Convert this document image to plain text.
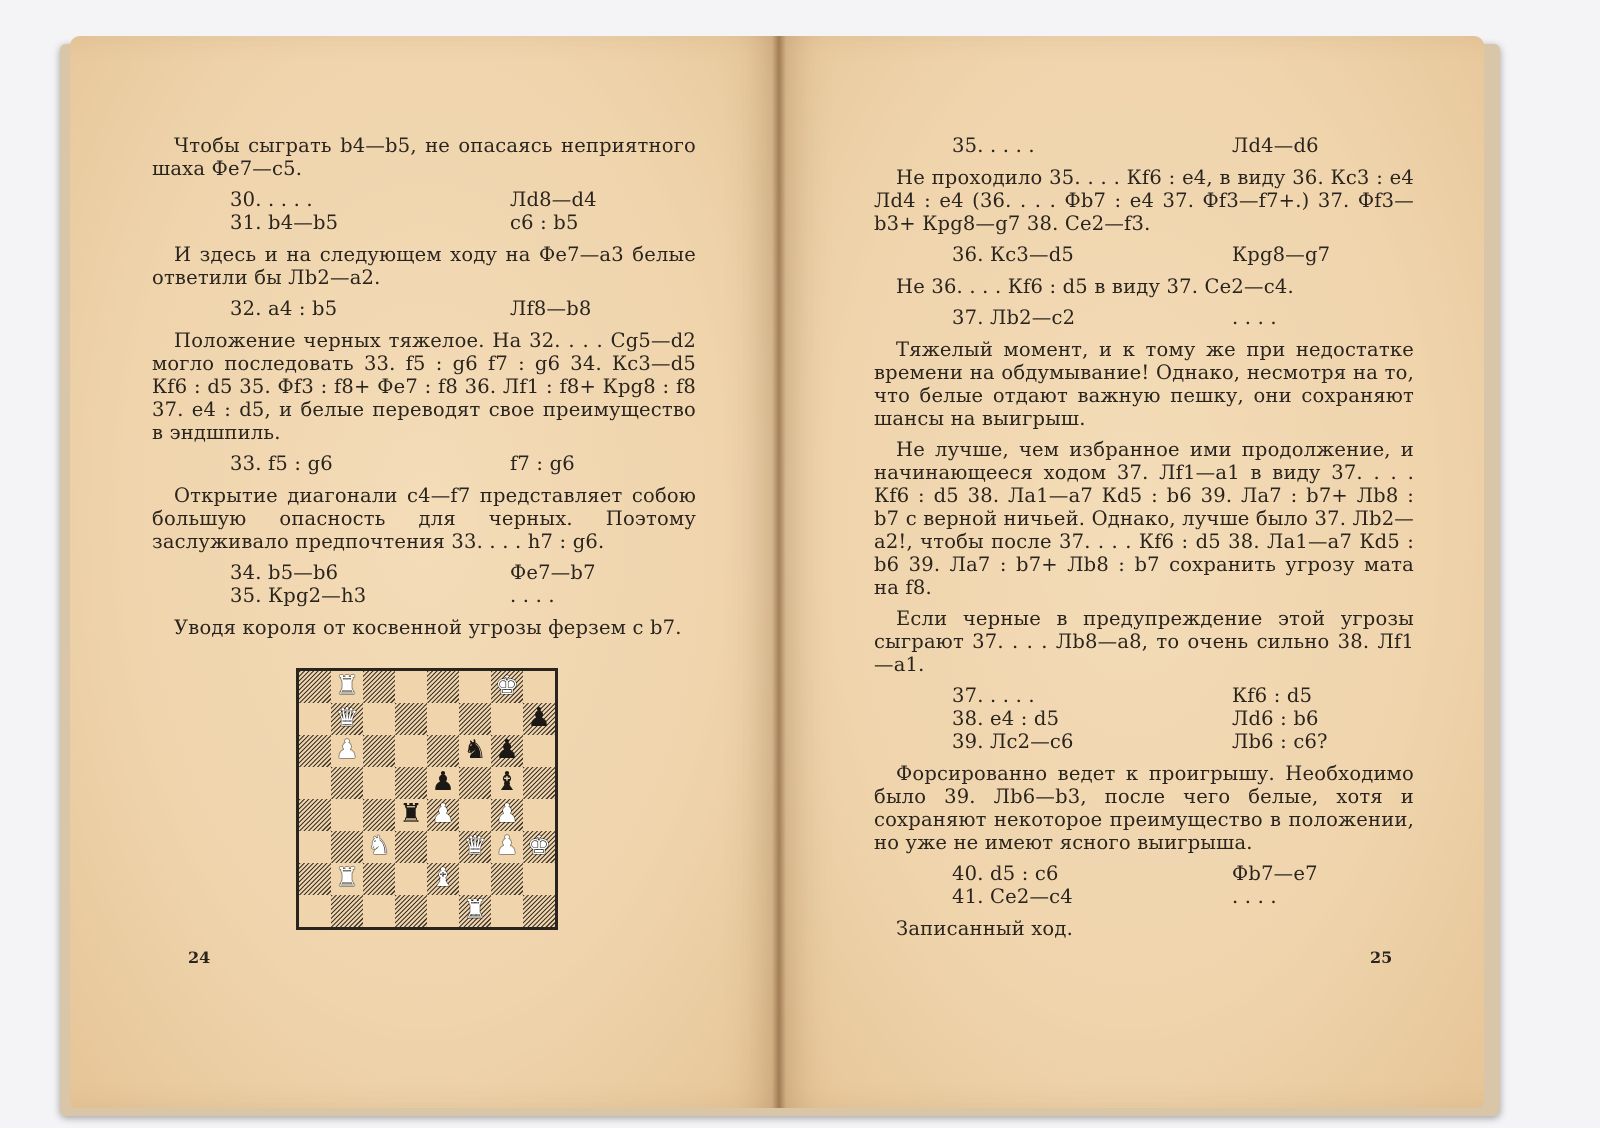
Чтобы сыграть b4—b5, не опасаясь неприятного шаха Фе7—с5.

30. . . . .	Лd8—d4
31. b4—b5	c6 : b5

И здесь и на следующем ходу на Фе7—а3 белые ответили бы Лb2—а2.

32. a4 : b5	Лf8—b8

Положение черных тяжелое. На 32. . . . Сg5—d2 могло последовать 33. f5 : g6 f7 : g6 34. Кс3—d5 Кf6 : d5 35. Фf3 : f8+ Фе7 : f8 36. Лf1 : f8+ Крg8 : f8 37. е4 : d5, и белые переводят свое преимущество в эндшпиль.

33. f5 : g6	f7 : g6

Открытие диагонали с4—f7 представляет собою большую опасность для черных. Поэтому заслуживало предпочтения 33. . . . h7 : g6.

34. b5—b6	Фе7—b7
35. Крg2—h3	. . . .

Уводя короля от косвенной угрозы ферзем с b7.

♜	♚
♛	♟
♟	♞ ♟
♟ ♝
♜ ♟ ♟
♞	♛ ♟ ♚
♜	♝
♜
24
35. . . . .	Лd4—d6

Не проходило 35. . . . Кf6 : е4, в виду 36. Кс3 : е4 Лd4 : е4 (36. . . . Фb7 : е4 37. Фf3—f7+.) 37. Фf3—b3+ Крg8—g7 38. Се2—f3.

36. Кс3—d5	Крg8—g7

Не 36. . . . Кf6 : d5 в виду 37. Се2—с4.

37. Лb2—с2	. . . .

Тяжелый момент, и к тому же при недостатке времени на обдумывание! Однако, несмотря на то, что белые отдают важную пешку, они сохраняют шансы на выигрыш.

Не лучше, чем избранное ими продолжение, и начинающееся ходом 37. Лf1—а1 в виду 37. . . . Кf6 : d5 38. Ла1—а7 Кd5 : b6 39. Ла7 : b7+ Лb8 : b7 с верной ничьей. Однако, лучше было 37. Лb2—а2!, чтобы после 37. . . . Кf6 : d5 38. Ла1—а7 Кd5 : b6 39. Ла7 : b7+ Лb8 : b7 сохранить угрозу мата на f8.

Если черные в предупреждение этой угрозы сыграют 37. . . . Лb8—а8, то очень сильно 38. Лf1—а1.

37. . . . .	Кf6 : d5
38. е4 : d5	Лd6 : b6
39. Лс2—с6	Лb6 : с6?

Форсированно ведет к проигрышу. Необходимо было 39. Лb6—b3, после чего белые, хотя и сохраняют некоторое преимущество в положении, но уже не имеют ясного выигрыша.

40. d5 : с6	Фb7—е7
41. Се2—с4	. . . .

Записанный ход.

25
